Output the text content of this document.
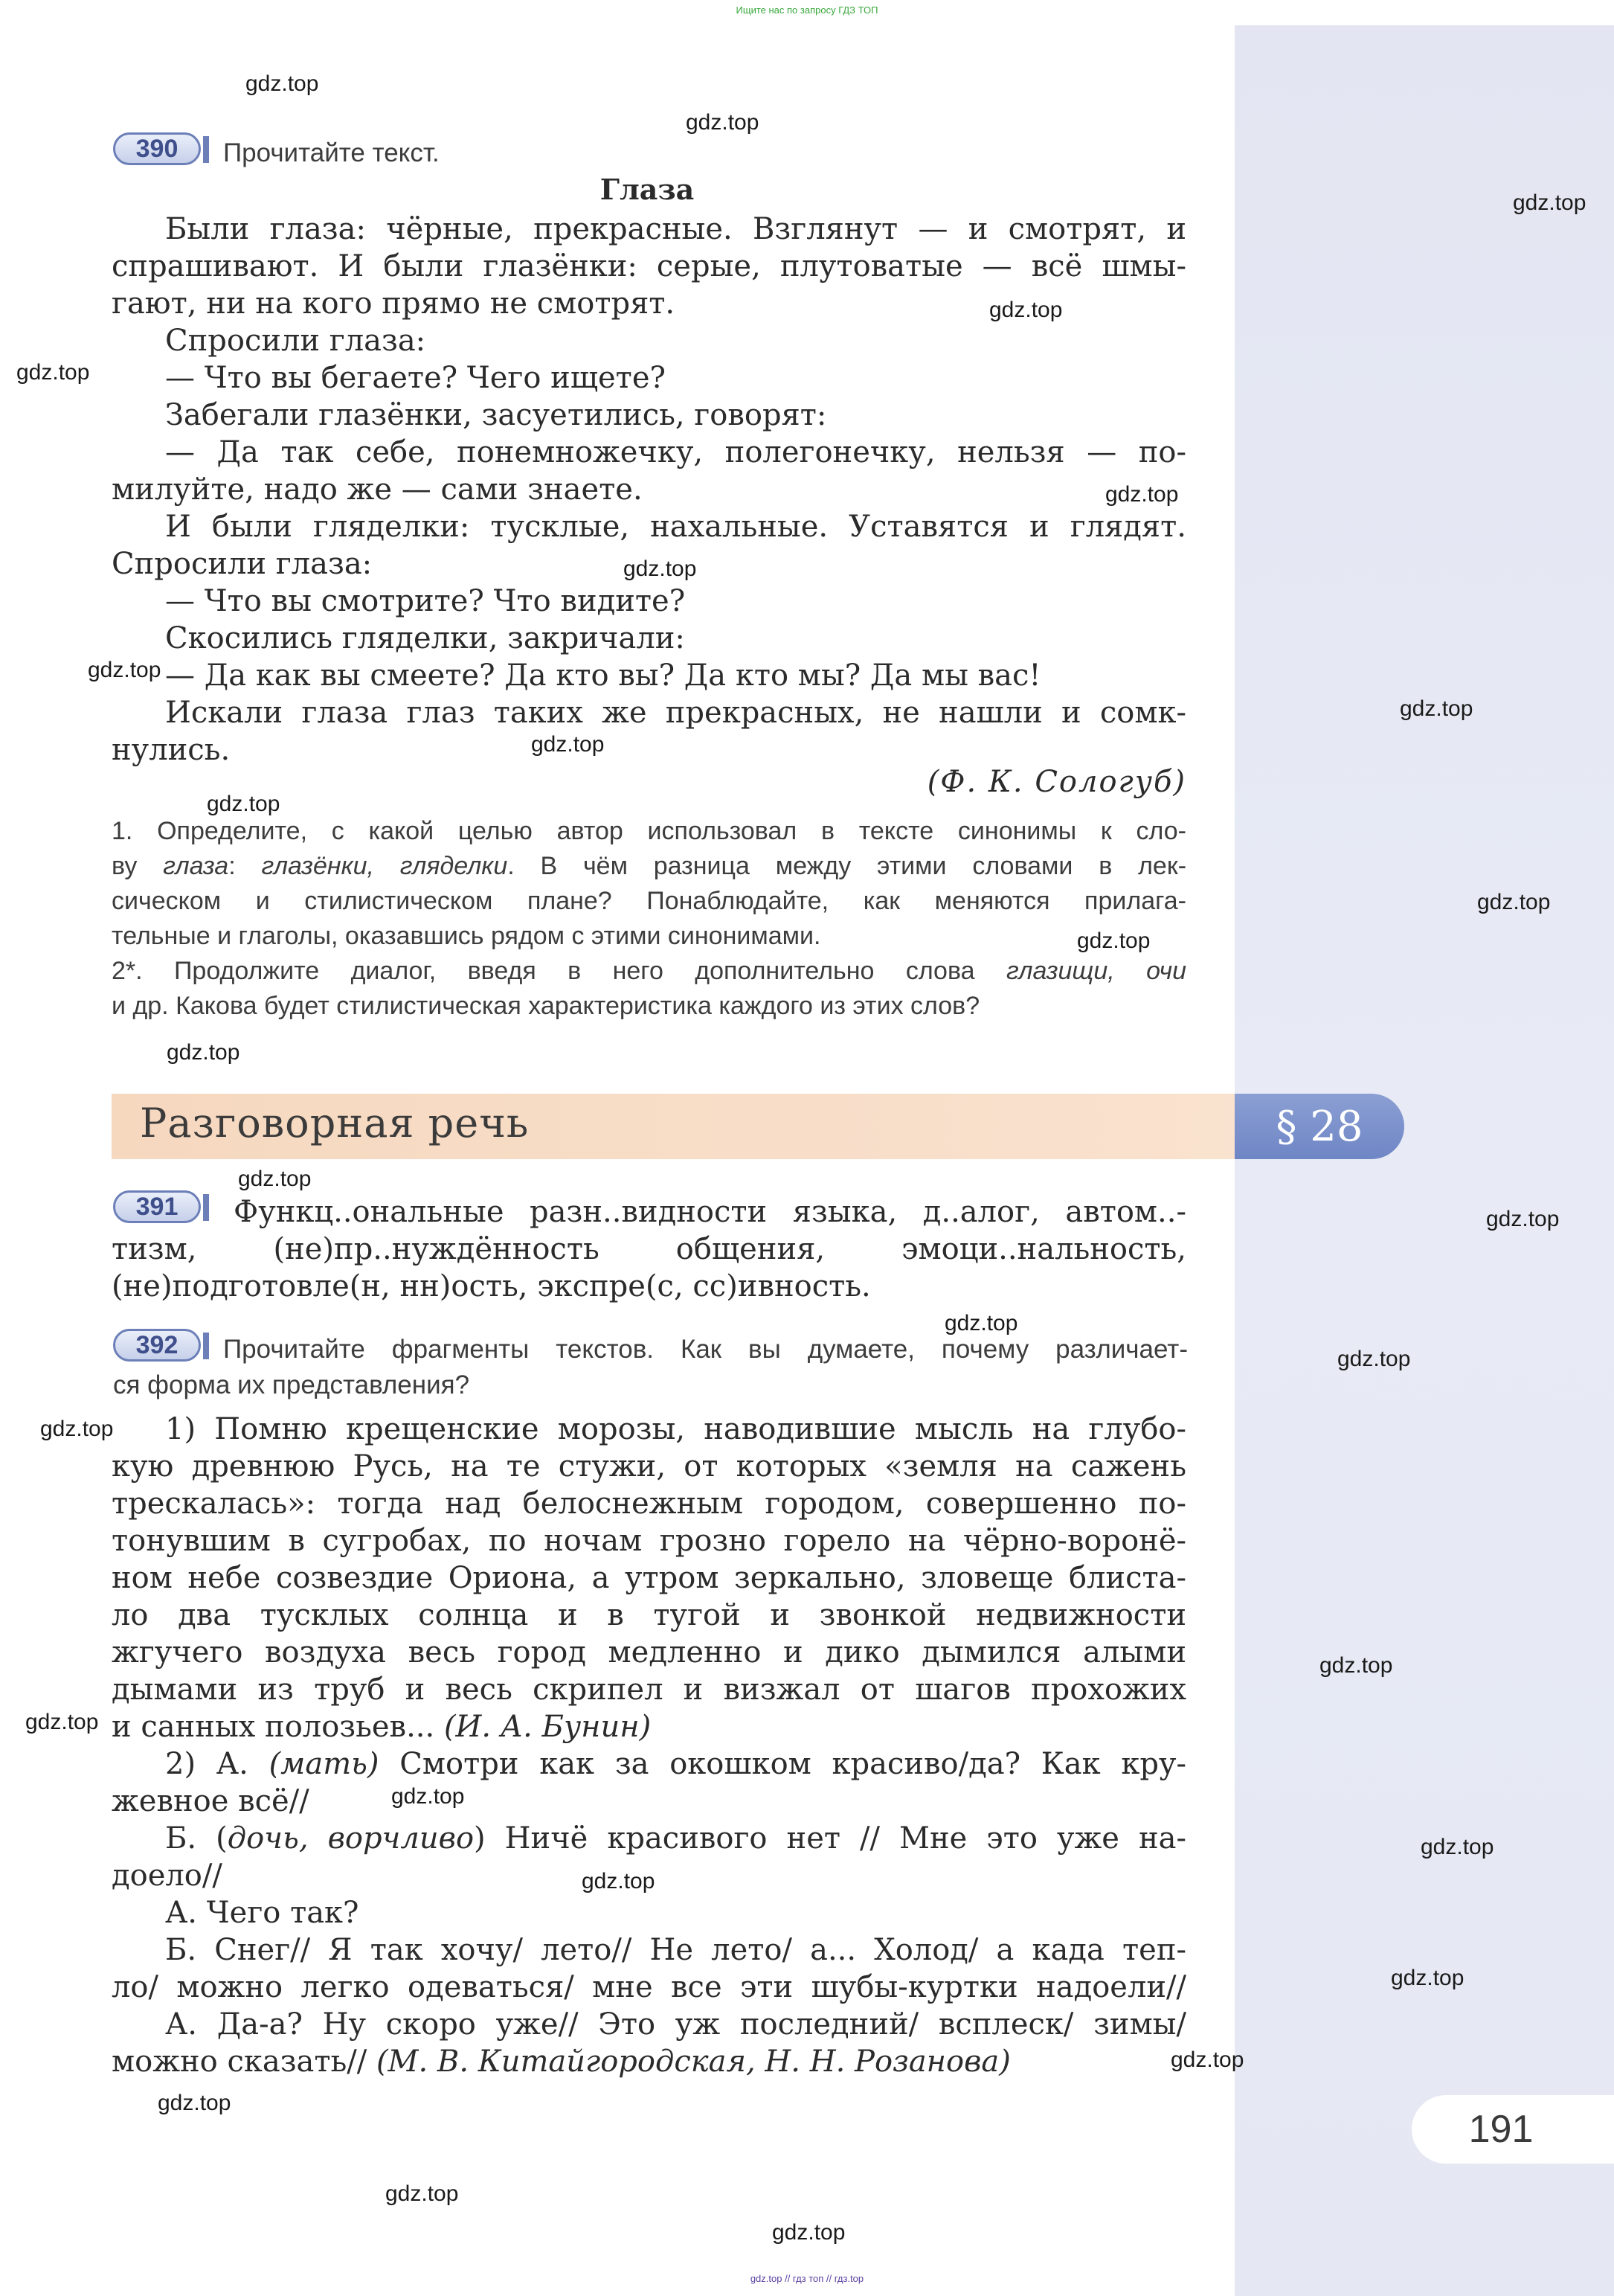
Ищите нас по запросу ГДЗ ТОП
gdz.top
gdz.top
gdz.top
gdz.top
gdz.top
gdz.top
gdz.top
gdz.top
gdz.top
gdz.top
gdz.top
gdz.top
gdz.top
gdz.top
gdz.top
gdz.top
gdz.top
gdz.top
gdz.top
gdz.top
gdz.top
gdz.top
gdz.top
gdz.top
gdz.top
gdz.top
gdz.top
gdz.top
gdz.top
390	Прочитайте текст.
Глаза

Были глаза: чёрные, прекрасные. Взглянут — и смотрят, и

спрашивают. И были глазёнки: серые, плутоватые — всё шмы-

гают, ни на кого прямо не смотрят.

Спросили глаза:

— Что вы бегаете? Чего ищете?

Забегали глазёнки, засуетились, говорят:

— Да так себе, понемножечку, полегонечку, нельзя — по-

милуйте, надо же — сами знаете.

И были гляделки: тусклые, нахальные. Уставятся и глядят.

Спросили глаза:

— Что вы смотрите? Что видите?

Скосились гляделки, закричали:

— Да как вы смеете? Да кто вы? Да кто мы? Да мы вас!

Искали глаза глаз таких же прекрасных, не нашли и сомк-

нулись.

(Ф. К. Сологуб)

1. Определите, с какой целью автор использовал в тексте синонимы к сло-

ву глаза: глазёнки, гляделки. В чём разница между этими словами в лек-

сическом и стилистическом плане? Понаблюдайте, как меняются прилага-

тельные и глаголы, оказавшись рядом с этими синонимами.

2*. Продолжите диалог, введя в него дополнительно слова глазищи, очи

и др. Какова будет стилистическая характеристика каждого из этих слов?

Разговорная речь	§ 28
391	Функц..ональные разн..видности языка, д..алог, автом..-

тизм, (не)пр..нуждённость общения, эмоци..нальность,

(не)подготовле(н, нн)ость, экспре(с, сс)ивность.

392	Прочитайте фрагменты текстов. Как вы думаете, почему различает-
ся форма их представления?

1) Помню крещенские морозы, наводившие мысль на глубо-

кую древнюю Русь, на те стужи, от которых «земля на сажень

трескалась»: тогда над белоснежным городом, совершенно по-

тонувшим в сугробах, по ночам грозно горело на чёрно-воронё-

ном небе созвездие Ориона, а утром зеркально, зловеще блиста-

ло два тусклых солнца и в тугой и звонкой недвижности

жгучего воздуха весь город медленно и дико дымился алыми

дымами из труб и весь скрипел и визжал от шагов прохожих

и санных полозьев... (И. А. Бунин)

2) А. (мать) Смотри как за окошком красиво/да? Как кру-

жевное всё//

Б. (дочь, ворчливо) Ничё красивого нет // Мне это уже на-

доело//

А. Чего так?

Б. Снег// Я так хочу/ лето// Не лето/ а... Холод/ а када теп-

ло/ можно легко одеваться/ мне все эти шубы-куртки надоели//

А. Да-а? Ну скоро уже// Это уж последний/ всплеск/ зимы/

можно сказать// (М. В. Китайгородская, Н. Н. Розанова)

191
gdz.top // гдз топ // гдз.top
